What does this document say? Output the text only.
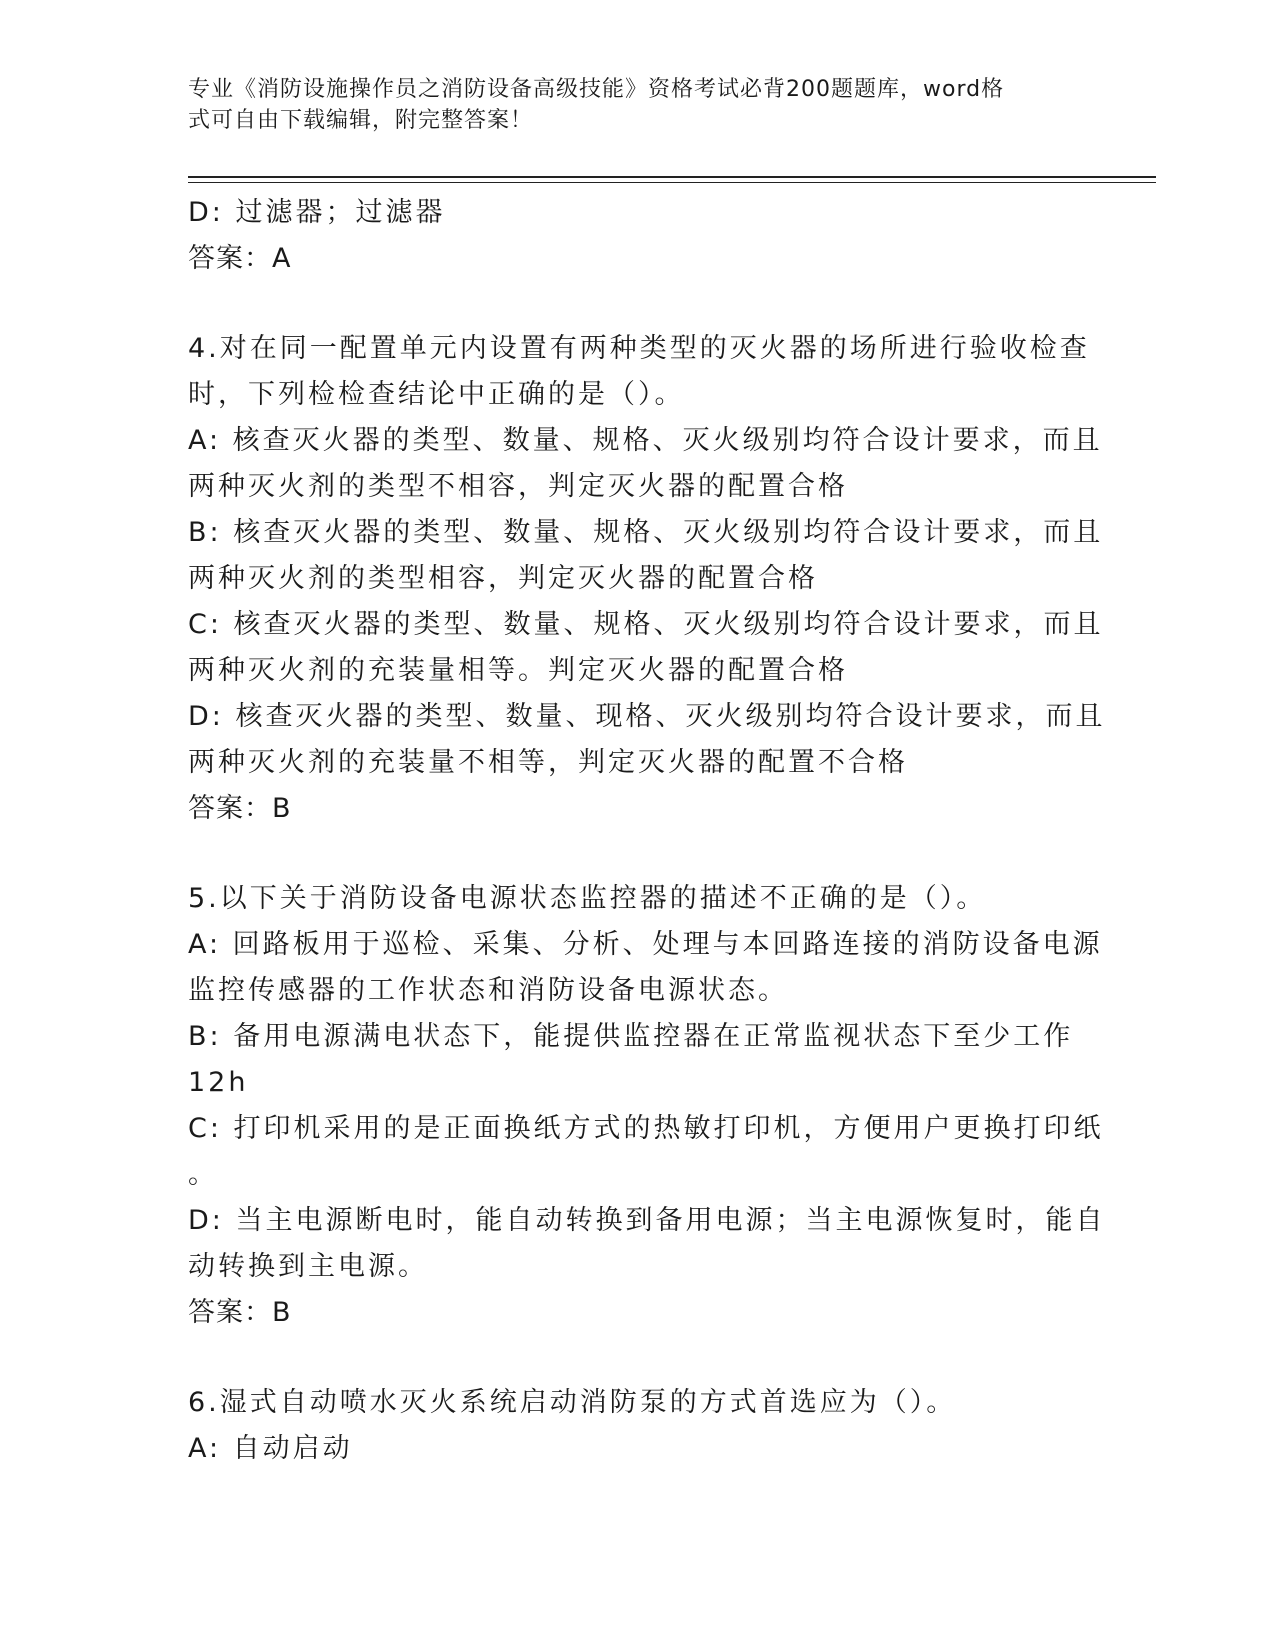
专业《消防设施操作员之消防设备高级技能》资格考试必背200题题库，word格
式可自由下载编辑，附完整答案！
D: 过滤器；过滤器
答案：A
4.对在同一配置单元内设置有两种类型的灭火器的场所进行验收检查
时，下列检检查结论中正确的是（）。
A: 核查灭火器的类型、数量、规格、灭火级别均符合设计要求，而且
两种灭火剂的类型不相容，判定灭火器的配置合格
B: 核查灭火器的类型、数量、规格、灭火级别均符合设计要求，而且
两种灭火剂的类型相容，判定灭火器的配置合格
C: 核查灭火器的类型、数量、规格、灭火级别均符合设计要求，而且
两种灭火剂的充装量相等。判定灭火器的配置合格
D: 核查灭火器的类型、数量、现格、灭火级别均符合设计要求，而且
两种灭火剂的充装量不相等，判定灭火器的配置不合格
答案：B
5.以下关于消防设备电源状态监控器的描述不正确的是（）。
A: 回路板用于巡检、采集、分析、处理与本回路连接的消防设备电源
监控传感器的工作状态和消防设备电源状态。
B: 备用电源满电状态下，能提供监控器在正常监视状态下至少工作
12h
C: 打印机采用的是正面换纸方式的热敏打印机，方便用户更换打印纸
。
D: 当主电源断电时，能自动转换到备用电源；当主电源恢复时，能自
动转换到主电源。
答案：B
6.湿式自动喷水灭火系统启动消防泵的方式首选应为（）。
A: 自动启动
